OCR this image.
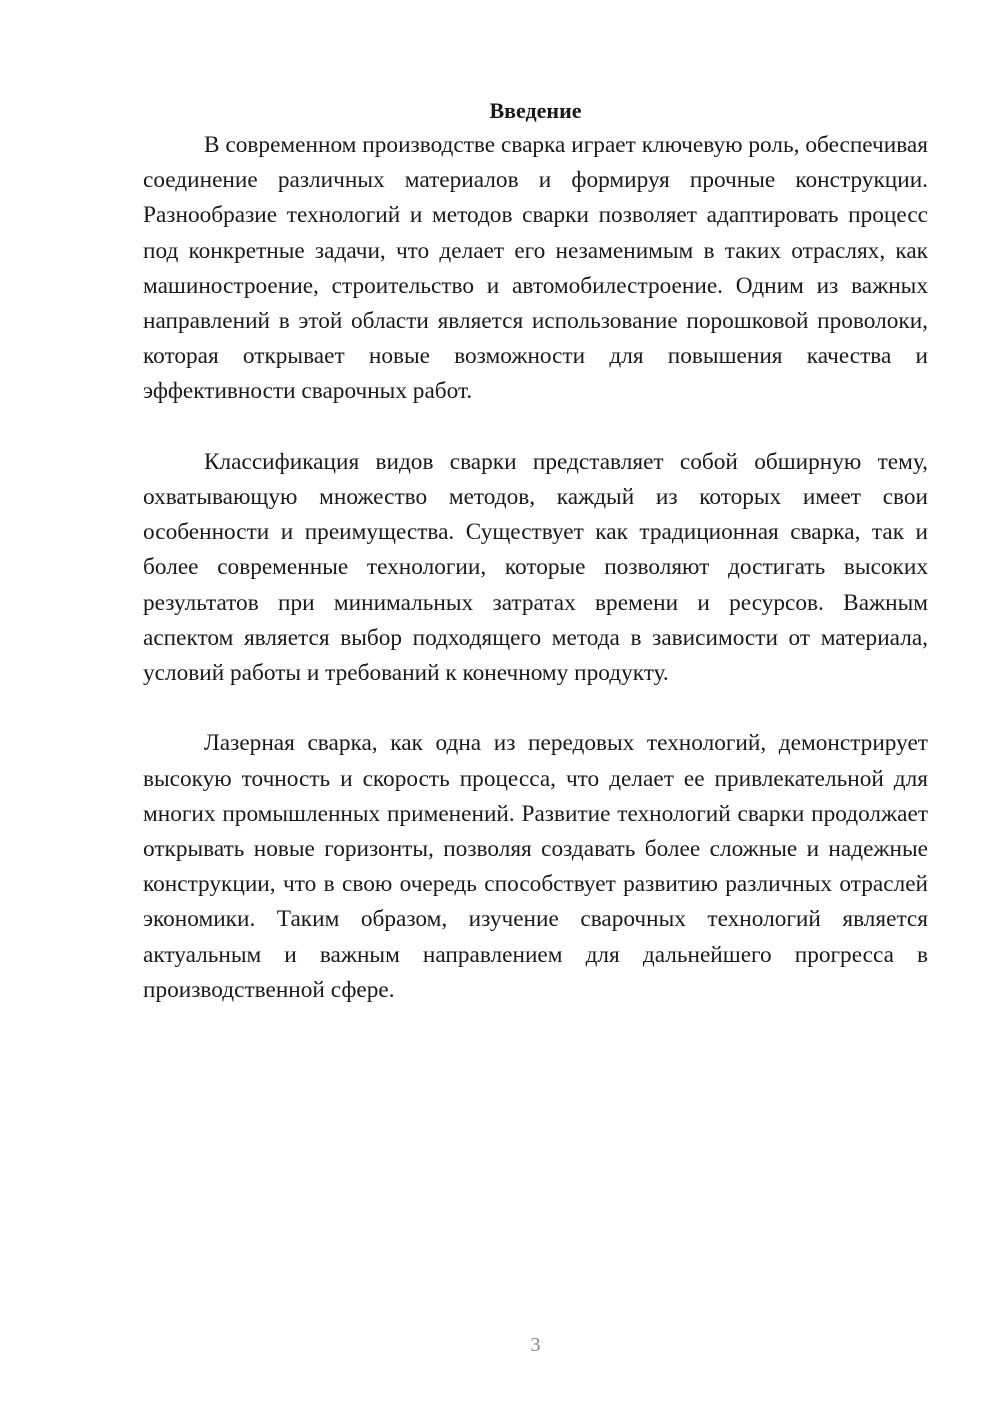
Введение

В современном производстве сварка играет ключевую роль, обеспечивая соединение различных материалов и формируя прочные конструкции. Разнообразие технологий и методов сварки позволяет адаптировать процесс под конкретные задачи, что делает его незаменимым в таких отраслях, как машиностроение, строительство и автомобилестроение. Одним из важных направлений в этой области является использование порошковой проволоки, которая открывает новые возможности для повышения качества и эффективности сварочных работ.

Классификация видов сварки представляет собой обширную тему, охватывающую множество методов, каждый из которых имеет свои особенности и преимущества. Существует как традиционная сварка, так и более современные технологии, которые позволяют достигать высоких результатов при минимальных затратах времени и ресурсов. Важным аспектом является выбор подходящего метода в зависимости от материала, условий работы и требований к конечному продукту.

Лазерная сварка, как одна из передовых технологий, демонстрирует высокую точность и скорость процесса, что делает ее привлекательной для многих промышленных применений. Развитие технологий сварки продолжает открывать новые горизонты, позволяя создавать более сложные и надежные конструкции, что в свою очередь способствует развитию различных отраслей экономики. Таким образом, изучение сварочных технологий является актуальным и важным направлением для дальнейшего прогресса в производственной сфере.

3
